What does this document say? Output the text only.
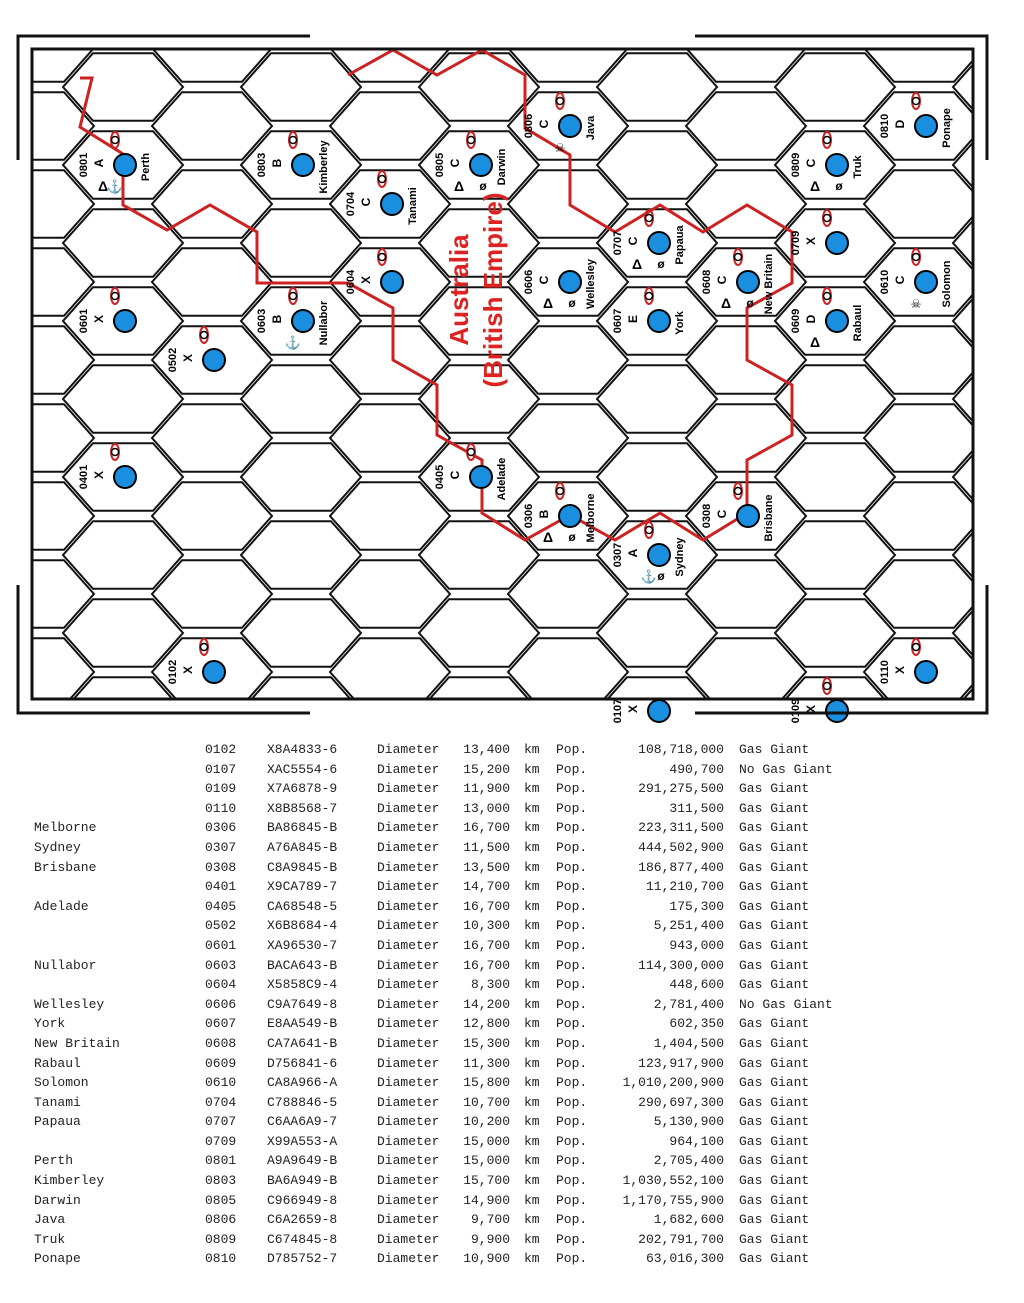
0102 X
0107 X	0109 X
0110 X
0306 B	Melborne
Δ ø
0307 A	Sydney
⚓ ø
0308 C	Brisbane
0401 X	0405 C	Adelade
0502 X
0601 X	0603 B	Nullabor
⚓
0604 X	0606 C	Wellesley
Δ ø
0607 E	York
0608 C	New Britain
Δ ø
0609 D	Rabaul
Δ
0610 C	Solomon
☠
0704 C	Tanami
0707 C	Papaua
Δ ø
0709 X
0801 A	Perth
Δ
⚓
0803 B	Kimberley	0805 C	Darwin
Δ ø
0806 C	Java
☠
0809 C	Truk
Δ ø
0810 D	Ponape
Australia (British Empire)
0102 X8A4833-6	Diameter	13,400 km Pop.	108,718,000 Gas Giant
0107 XAC5554-6	Diameter	15,200 km Pop.	490,700 No Gas Giant
0109 X7A6878-9	Diameter	11,900 km Pop.	291,275,500 Gas Giant
0110 X8B8568-7	Diameter	13,000 km Pop.	311,500 Gas Giant
Melborne	0306 BA86845-B	Diameter	16,700 km Pop.	223,311,500 Gas Giant
Sydney	0307 A76A845-B	Diameter	11,500 km Pop.	444,502,900 Gas Giant
Brisbane	0308 C8A9845-B	Diameter	13,500 km Pop.	186,877,400 Gas Giant
0401 X9CA789-7	Diameter	14,700 km Pop.	11,210,700 Gas Giant
Adelade	0405 CA68548-5	Diameter	16,700 km Pop.	175,300 Gas Giant
0502 X6B8684-4	Diameter	10,300 km Pop.	5,251,400 Gas Giant
0601 XA96530-7	Diameter	16,700 km Pop.	943,000 Gas Giant
Nullabor	0603 BACA643-B	Diameter	16,700 km Pop.	114,300,000 Gas Giant
0604 X5858C9-4	Diameter	8,300 km Pop.	448,600 Gas Giant
Wellesley	0606 C9A7649-8	Diameter	14,200 km Pop.	2,781,400 No Gas Giant
York	0607 E8AA549-B	Diameter	12,800 km Pop.	602,350 Gas Giant
New Britain	0608 CA7A641-B	Diameter	15,300 km Pop.	1,404,500 Gas Giant
Rabaul	0609 D756841-6	Diameter	11,300 km Pop.	123,917,900 Gas Giant
Solomon	0610 CA8A966-A	Diameter	15,800 km Pop.	1,010,200,900 Gas Giant
Tanami	0704 C788846-5	Diameter	10,700 km Pop.	290,697,300 Gas Giant
Papaua	0707 C6AA6A9-7	Diameter	10,200 km Pop.	5,130,900 Gas Giant
0709 X99A553-A	Diameter	15,000 km Pop.	964,100 Gas Giant
Perth	0801 A9A9649-B	Diameter	15,000 km Pop.	2,705,400 Gas Giant
Kimberley	0803 BA6A949-B	Diameter	15,700 km Pop.	1,030,552,100 Gas Giant
Darwin	0805 C966949-8	Diameter	14,900 km Pop.	1,170,755,900 Gas Giant
Java	0806 C6A2659-8	Diameter	9,700 km Pop.	1,682,600 Gas Giant
Truk	0809 C674845-8	Diameter	9,900 km Pop.	202,791,700 Gas Giant
Ponape	0810 D785752-7	Diameter	10,900 km Pop.	63,016,300 Gas Giant
